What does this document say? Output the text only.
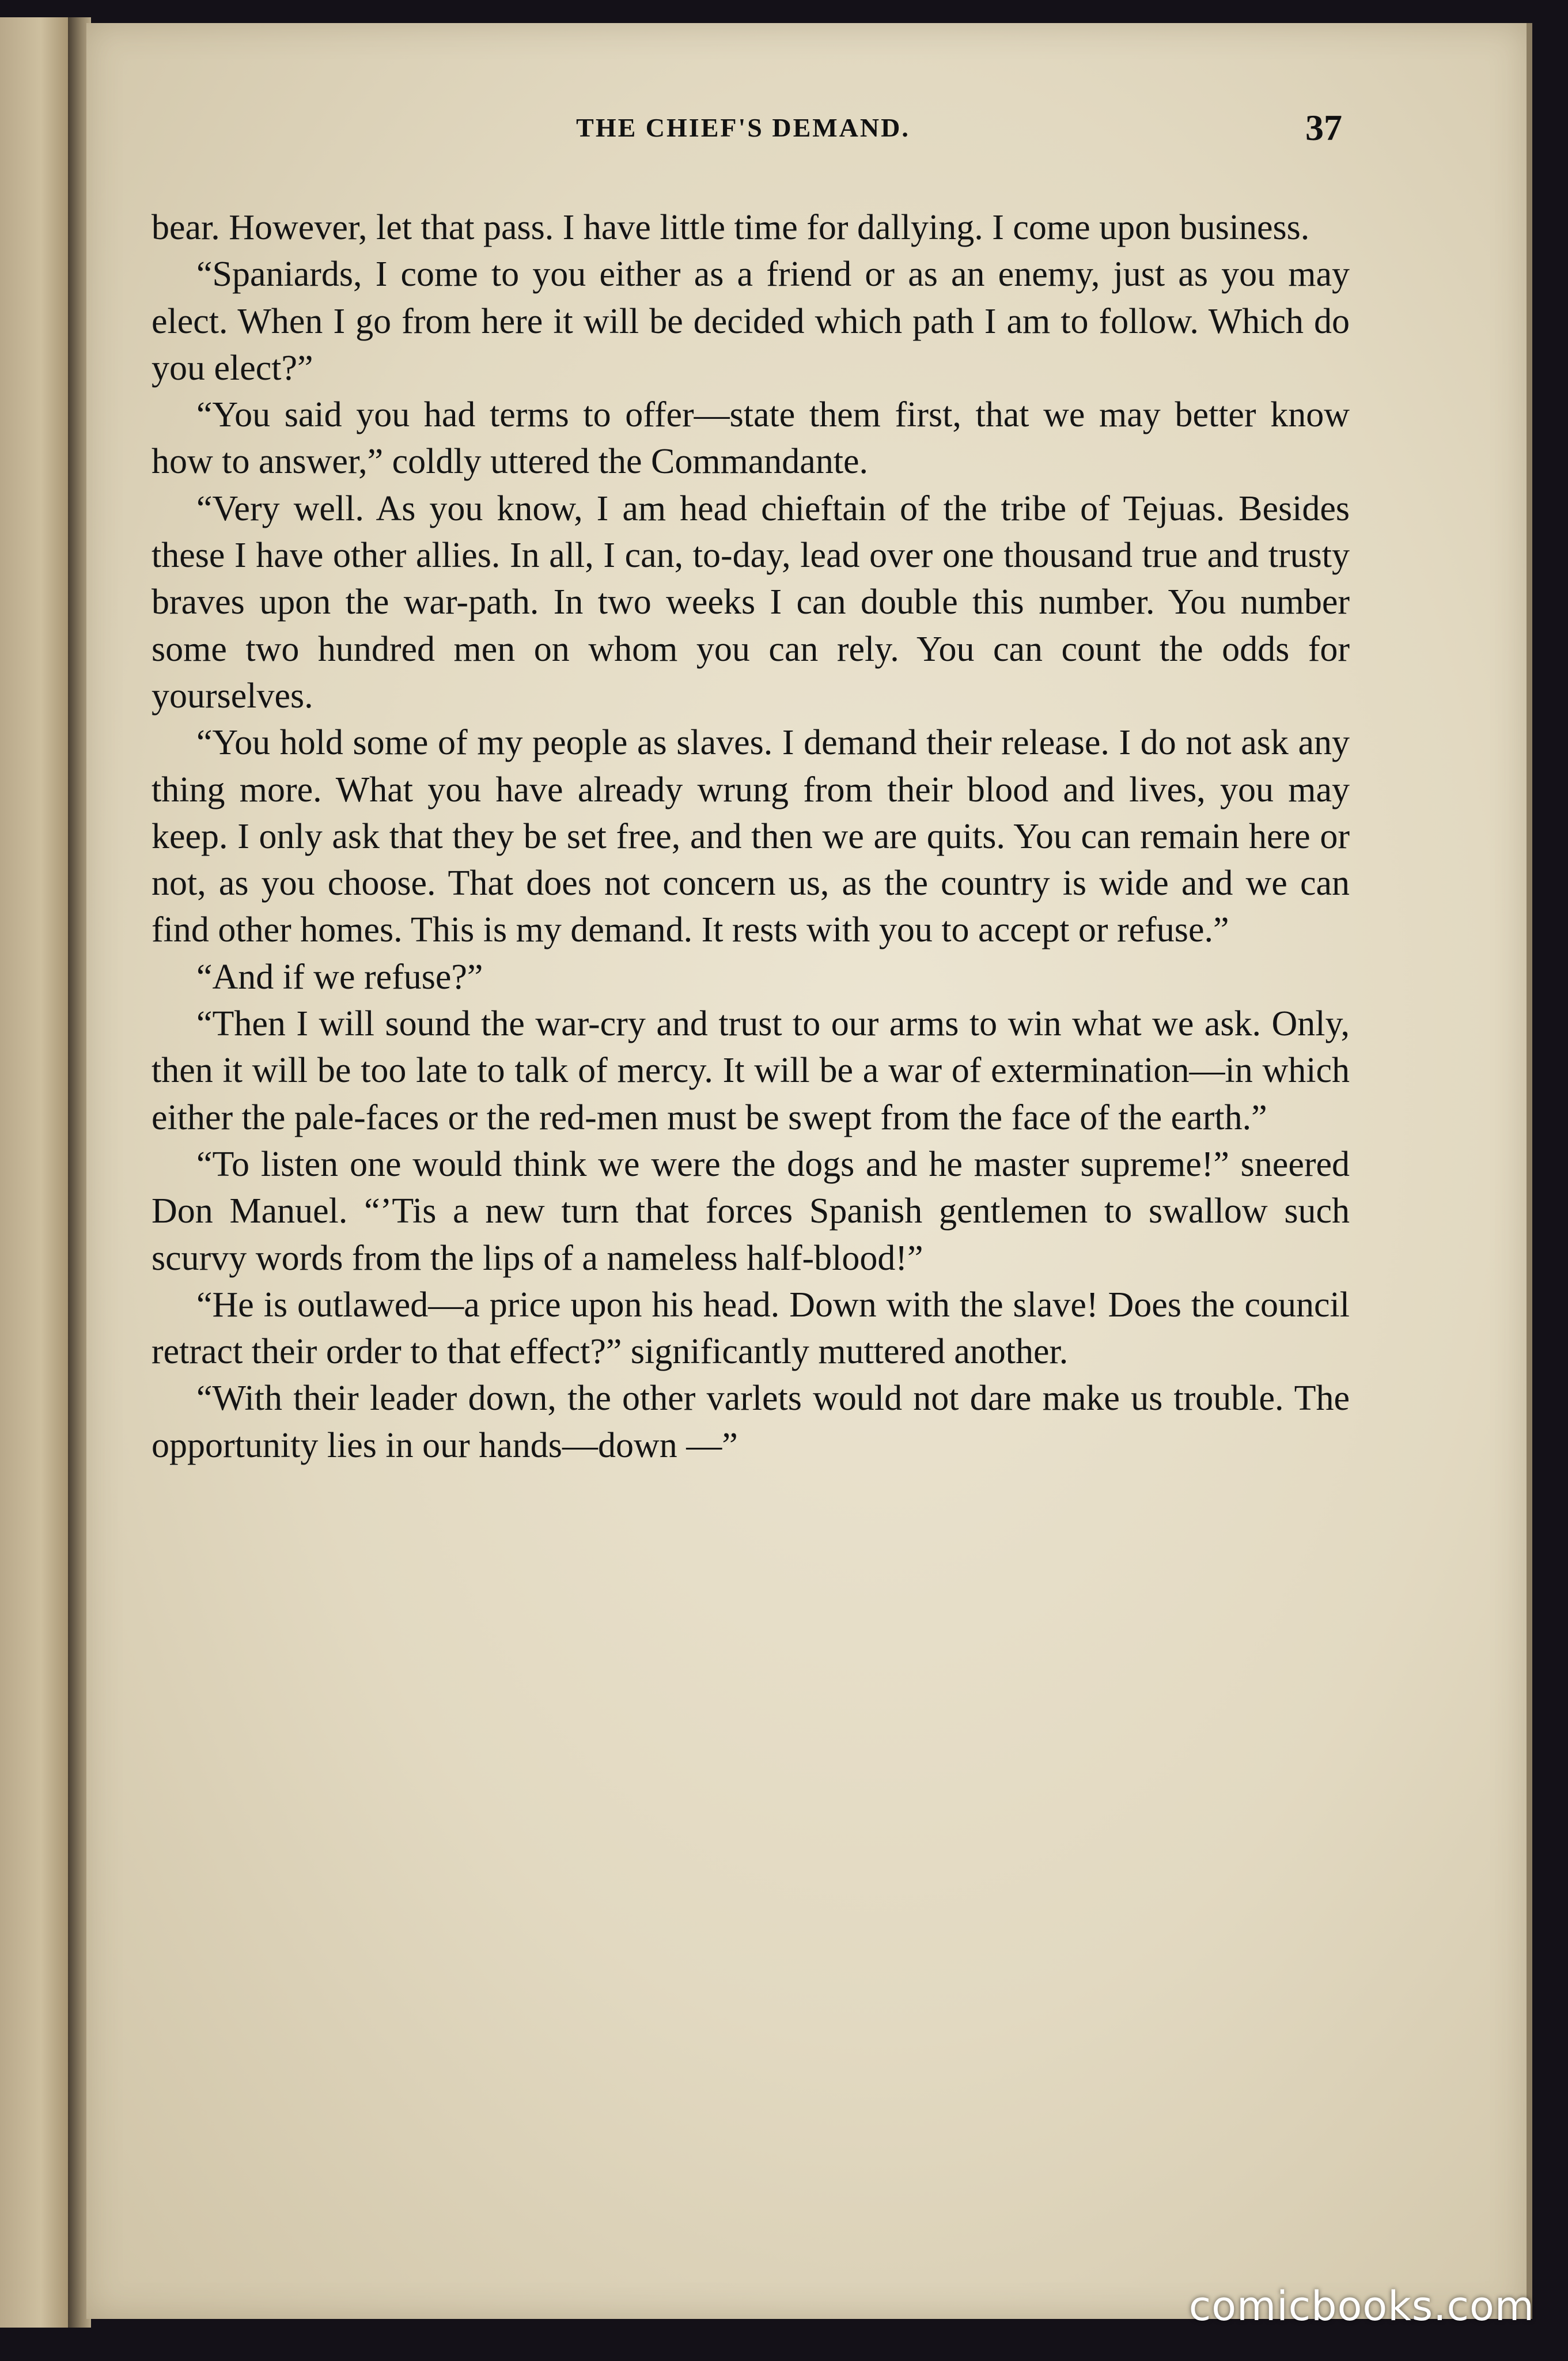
THE CHIEF'S DEMAND.	37

bear. However, let that pass. I have little time for dallying. I come upon business.

“Spaniards, I come to you either as a friend or as an enemy, just as you may elect. When I go from here it will be decided which path I am to follow. Which do you elect?”

“You said you had terms to offer—state them first, that we may better know how to answer,” coldly uttered the Commandante.

“Very well. As you know, I am head chieftain of the tribe of Tejuas. Besides these I have other allies. In all, I can, to-day, lead over one thousand true and trusty braves upon the war-path. In two weeks I can double this number. You number some two hundred men on whom you can rely. You can count the odds for yourselves.

“You hold some of my people as slaves. I demand their release. I do not ask any thing more. What you have already wrung from their blood and lives, you may keep. I only ask that they be set free, and then we are quits. You can remain here or not, as you choose. That does not concern us, as the country is wide and we can find other homes. This is my demand. It rests with you to accept or refuse.”

“And if we refuse?”

“Then I will sound the war-cry and trust to our arms to win what we ask. Only, then it will be too late to talk of mercy. It will be a war of extermination—in which either the pale-faces or the red-men must be swept from the face of the earth.”

“To listen one would think we were the dogs and he master supreme!” sneered Don Manuel. “’Tis a new turn that forces Spanish gentlemen to swallow such scurvy words from the lips of a nameless half-blood!”

“He is outlawed—a price upon his head. Down with the slave! Does the council retract their order to that effect?” significantly muttered another.

“With their leader down, the other varlets would not dare make us trouble. The opportunity lies in our hands—down —”

comicbooks.com
